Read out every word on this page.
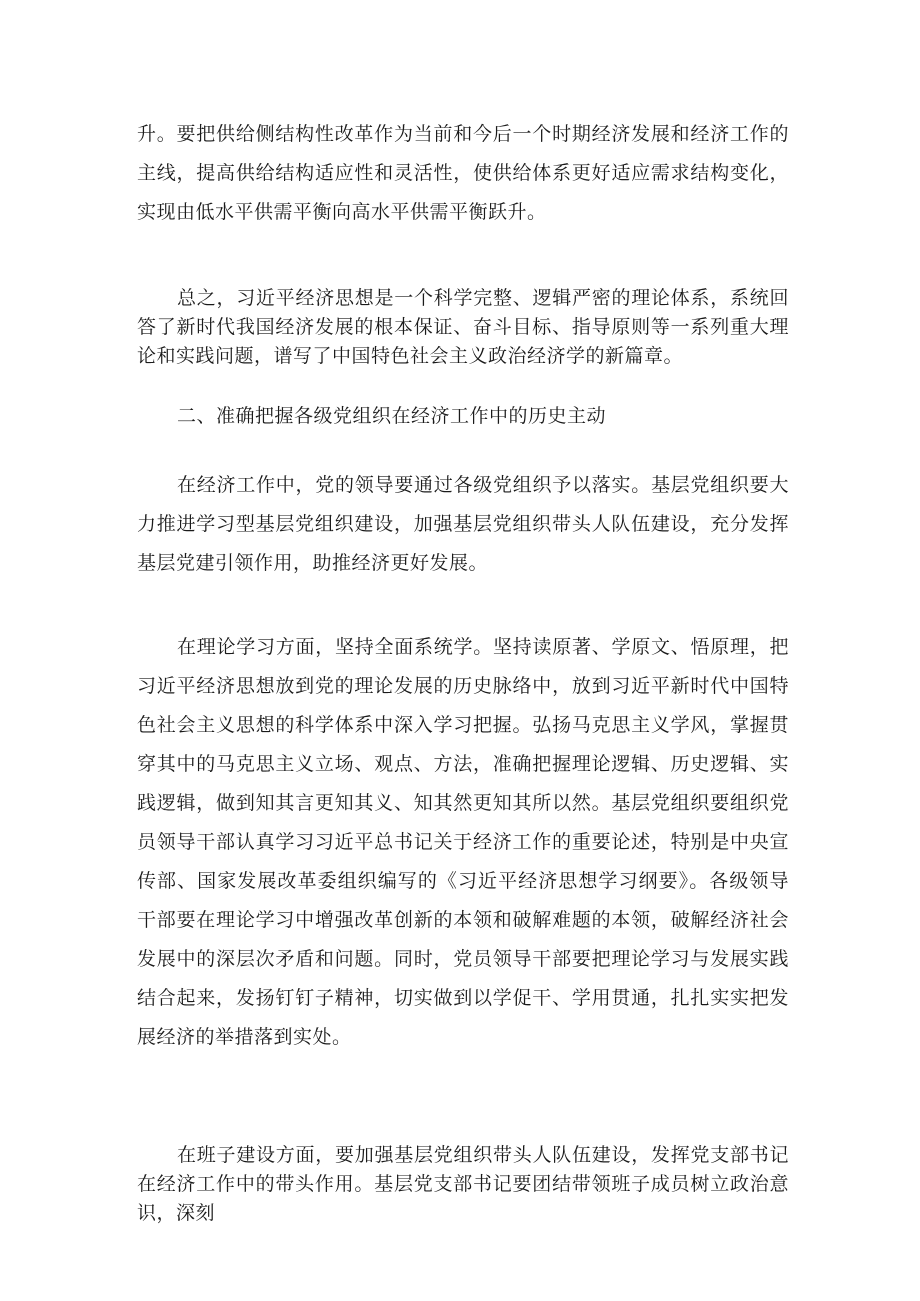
升。要把供给侧结构性改革作为当前和今后一个时期经济发展和经济工作的主线，提高供给结构适应性和灵活性，使供给体系更好适应需求结构变化，实现由低水平供需平衡向高水平供需平衡跃升。

总之，习近平经济思想是一个科学完整、逻辑严密的理论体系，系统回答了新时代我国经济发展的根本保证、奋斗目标、指导原则等一系列重大理论和实践问题，谱写了中国特色社会主义政治经济学的新篇章。

二、准确把握各级党组织在经济工作中的历史主动

在经济工作中，党的领导要通过各级党组织予以落实。基层党组织要大力推进学习型基层党组织建设，加强基层党组织带头人队伍建设，充分发挥基层党建引领作用，助推经济更好发展。

在理论学习方面，坚持全面系统学。坚持读原著、学原文、悟原理，把习近平经济思想放到党的理论发展的历史脉络中，放到习近平新时代中国特色社会主义思想的科学体系中深入学习把握。弘扬马克思主义学风，掌握贯穿其中的马克思主义立场、观点、方法，准确把握理论逻辑、历史逻辑、实践逻辑，做到知其言更知其义、知其然更知其所以然。基层党组织要组织党员领导干部认真学习习近平总书记关于经济工作的重要论述，特别是中央宣传部、国家发展改革委组织编写的《习近平经济思想学习纲要》。各级领导干部要在理论学习中增强改革创新的本领和破解难题的本领，破解经济社会发展中的深层次矛盾和问题。同时，党员领导干部要把理论学习与发展实践结合起来，发扬钉钉子精神，切实做到以学促干、学用贯通，扎扎实实把发展经济的举措落到实处。

在班子建设方面，要加强基层党组织带头人队伍建设，发挥党支部书记在经济工作中的带头作用。基层党支部书记要团结带领班子成员树立政治意识，深刻
